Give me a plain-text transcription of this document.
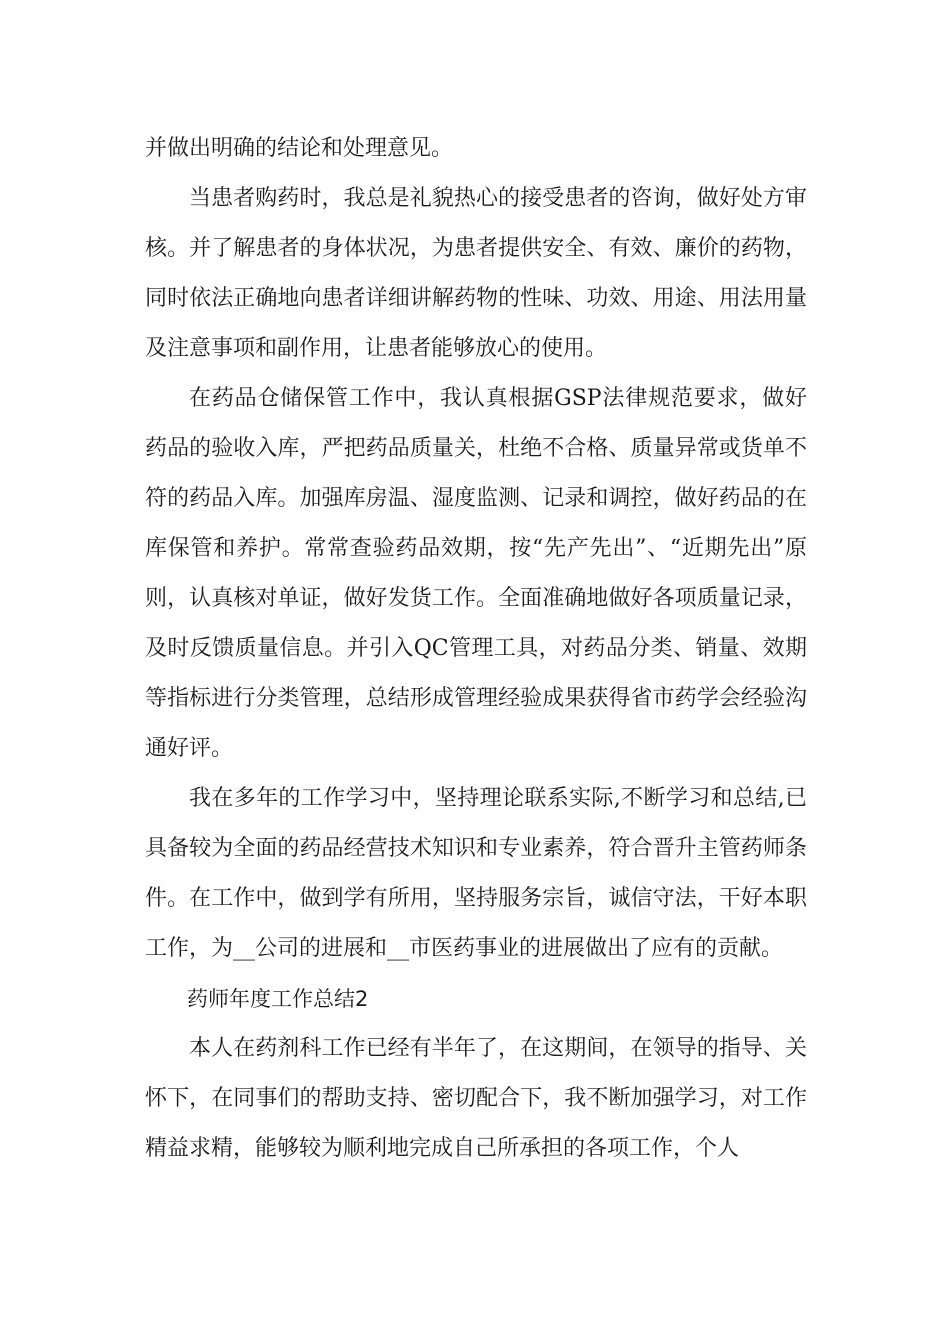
并做出明确的结论和处理意见。

当患者购药时，我总是礼貌热心的接受患者的咨询，做好处方审核。并了解患者的身体状况，为患者提供安全、有效、廉价的药物，同时依法正确地向患者详细讲解药物的性味、功效、用途、用法用量及注意事项和副作用，让患者能够放心的使用。

在药品仓储保管工作中，我认真根据GSP法律规范要求，做好药品的验收入库，严把药品质量关，杜绝不合格、质量异常或货单不符的药品入库。加强库房温、湿度监测、记录和调控，做好药品的在库保管和养护。常常查验药品效期，按“先产先出”、“近期先出”原则，认真核对单证，做好发货工作。全面准确地做好各项质量记录，及时反馈质量信息。并引入QC管理工具，对药品分类、销量、效期等指标进行分类管理，总结形成管理经验成果获得省市药学会经验沟通好评。

我在多年的工作学习中，坚持理论联系实际,不断学习和总结,已具备较为全面的药品经营技术知识和专业素养，符合晋升主管药师条件。在工作中，做到学有所用，坚持服务宗旨，诚信守法，干好本职工作，为__公司的进展和__市医药事业的进展做出了应有的贡献。

药师年度工作总结2

本人在药剂科工作已经有半年了，在这期间，在领导的指导、关怀下，在同事们的帮助支持、密切配合下，我不断加强学习，对工作精益求精，能够较为顺利地完成自己所承担的各项工作，个人
